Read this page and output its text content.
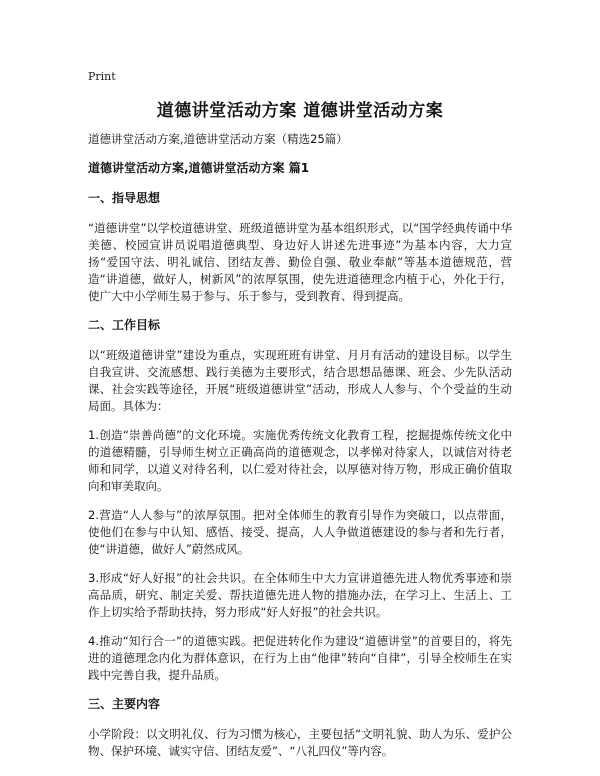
Print
道德讲堂活动方案 道德讲堂活动方案

道德讲堂活动方案,道德讲堂活动方案（精选25篇）

道德讲堂活动方案,道德讲堂活动方案 篇1

一、指导思想

“道德讲堂”以学校道德讲堂、班级道德讲堂为基本组织形式，以“国学经典传诵中华美德、校园宣讲员说唱道德典型、身边好人讲述先进事迹”为基本内容，大力宣扬“爱国守法、明礼诚信、团结友善、勤俭自强、敬业奉献”等基本道德规范，营造“讲道德，做好人，树新风”的浓厚氛围，使先进道德理念内植于心，外化于行，使广大中小学师生易于参与、乐于参与，受到教育、得到提高。

二、工作目标

以“班级道德讲堂”建设为重点，实现班班有讲堂、月月有活动的建设目标。以学生自我宣讲、交流感想、践行美德为主要形式，结合思想品德课、班会、少先队活动课、社会实践等途径，开展“班级道德讲堂”活动，形成人人参与、个个受益的生动局面。具体为：

1.创造“崇善尚德”的文化环境。实施优秀传统文化教育工程，挖掘提炼传统文化中的道德精髓，引导师生树立正确高尚的道德观念，以孝悌对待家人，以诚信对待老师和同学，以道义对待名利，以仁爱对待社会，以厚德对待万物，形成正确价值取向和审美取向。

2.营造“人人参与”的浓厚氛围。把对全体师生的教育引导作为突破口，以点带面，使他们在参与中认知、感悟、接受、提高，人人争做道德建设的参与者和先行者，使“讲道德，做好人”蔚然成风。

3.形成“好人好报”的社会共识。在全体师生中大力宣讲道德先进人物优秀事迹和崇高品质，研究、制定关爱、帮扶道德先进人物的措施办法，在学习上、生活上、工作上切实给予帮助扶持，努力形成“好人好报”的社会共识。

4.推动“知行合一”的道德实践。把促进转化作为建设“道德讲堂”的首要目的，将先进的道德理念内化为群体意识，在行为上由“他律”转向“自律”，引导全校师生在实践中完善自我，提升品质。

三、主要内容

小学阶段：以文明礼仪、行为习惯为核心，主要包括“文明礼貌、助人为乐、爱护公物、保护环境、诚实守信、团结友爱”、“八礼四仪”等内容。
